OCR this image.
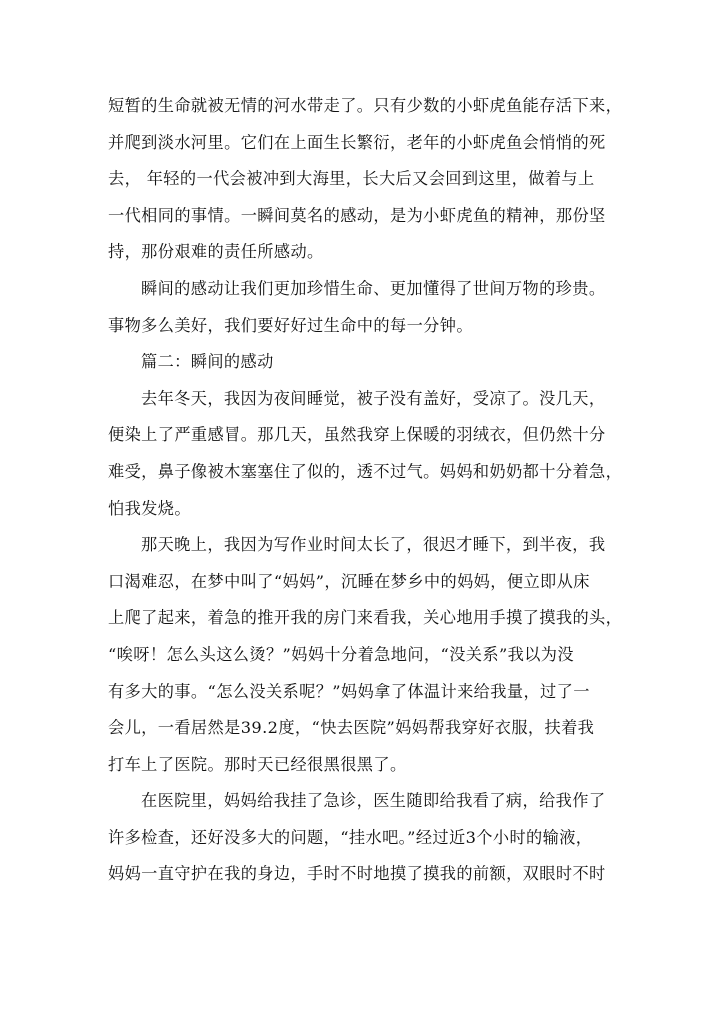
短暂的生命就被无情的河水带走了。只有少数的小虾虎鱼能存活下来，
并爬到淡水河里。它们在上面生长繁衍，老年的小虾虎鱼会悄悄的死
去， 年轻的一代会被冲到大海里，长大后又会回到这里，做着与上
一代相同的事情。一瞬间莫名的感动，是为小虾虎鱼的精神，那份坚
持，那份艰难的责任所感动。
瞬间的感动让我们更加珍惜生命、更加懂得了世间万物的珍贵。
事物多么美好，我们要好好过生命中的每一分钟。
篇二：瞬间的感动
去年冬天，我因为夜间睡觉，被子没有盖好，受凉了。没几天，
便染上了严重感冒。那几天，虽然我穿上保暖的羽绒衣，但仍然十分
难受，鼻子像被木塞塞住了似的，透不过气。妈妈和奶奶都十分着急，
怕我发烧。
那天晚上，我因为写作业时间太长了，很迟才睡下，到半夜，我
口渴难忍，在梦中叫了“妈妈”，沉睡在梦乡中的妈妈，便立即从床
上爬了起来，着急的推开我的房门来看我，关心地用手摸了摸我的头，
“唉呀！怎么头这么烫？”妈妈十分着急地问，“没关系”我以为没
有多大的事。“怎么没关系呢？”妈妈拿了体温计来给我量，过了一
会儿，一看居然是39.2度，“快去医院”妈妈帮我穿好衣服，扶着我
打车上了医院。那时天已经很黑很黑了。
在医院里，妈妈给我挂了急诊，医生随即给我看了病，给我作了
许多检查，还好没多大的问题，“挂水吧。”经过近3个小时的输液，
妈妈一直守护在我的身边，手时不时地摸了摸我的前额，双眼时不时
